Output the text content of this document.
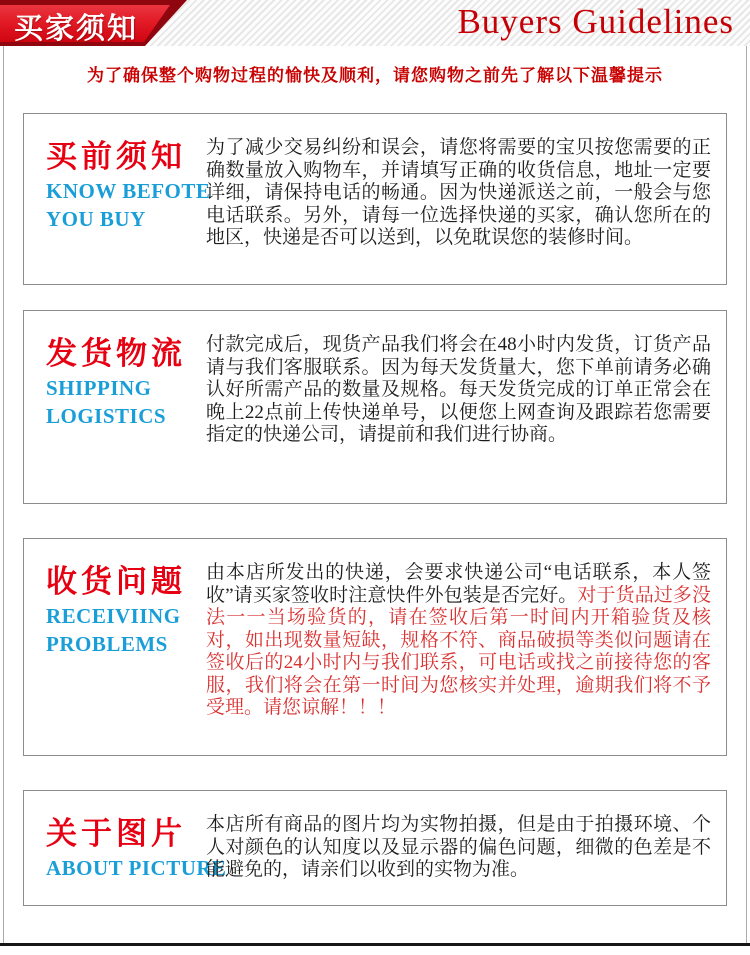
买家须知	Buyers Guidelines
为了确保整个购物过程的愉快及顺利，请您购物之前先了解以下温馨提示
买前须知
KNOW BEFOTE
YOU BUY
为了减少交易纠纷和误会，请您将需要的宝贝按您需要的正确数量放入购物车，并请填写正确的收货信息，地址一定要详细，请保持电话的畅通。因为快递派送之前，一般会与您电话联系。另外，请每一位选择快递的买家，确认您所在的地区，快递是否可以送到，以免耽误您的装修时间。
发货物流
SHIPPING
LOGISTICS
付款完成后，现货产品我们将会在48小时内发货，订货产品请与我们客服联系。因为每天发货量大，您下单前请务必确认好所需产品的数量及规格。每天发货完成的订单正常会在晚上22点前上传快递单号，以便您上网查询及跟踪若您需要指定的快递公司，请提前和我们进行协商。
收货问题
RECEIVIING
PROBLEMS
由本店所发出的快递，会要求快递公司“电话联系，本人签收”请买家签收时注意快件外包装是否完好。对于货品过多没法一一当场验货的，请在签收后第一时间内开箱验货及核对，如出现数量短缺，规格不符、商品破损等类似问题请在签收后的24小时内与我们联系，可电话或找之前接待您的客服，我们将会在第一时间为您核实并处理，逾期我们将不予受理。请您谅解！！！
关于图片
ABOUT PICTURE
本店所有商品的图片均为实物拍摄，但是由于拍摄环境、个人对颜色的认知度以及显示器的偏色问题，细微的色差是不能避免的，请亲们以收到的实物为准。
